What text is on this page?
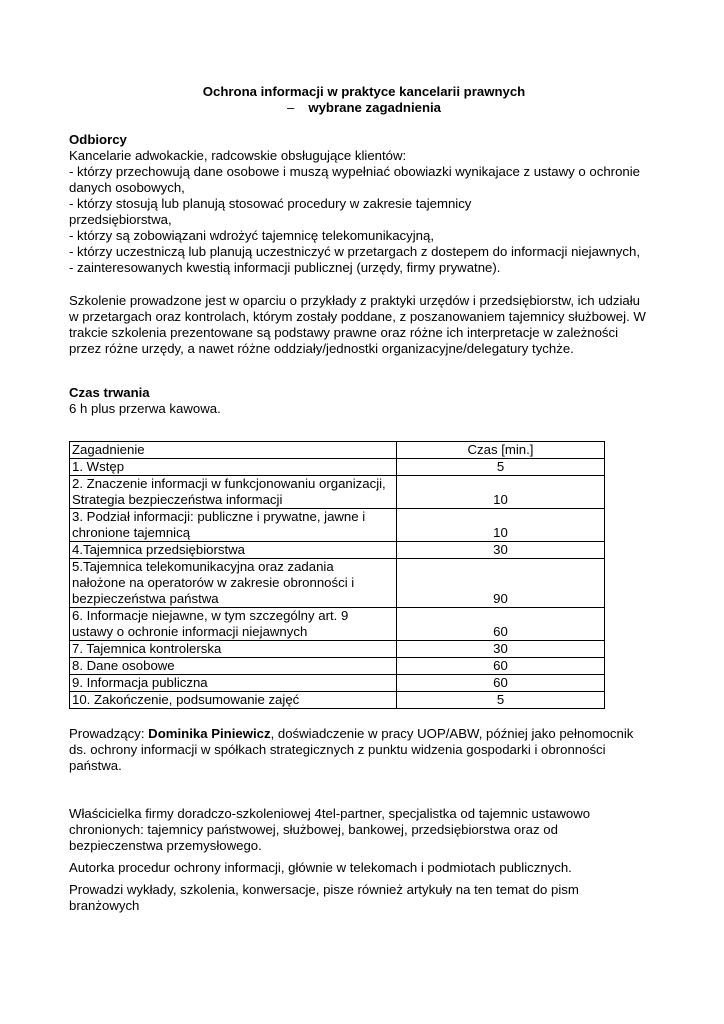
Ochrona informacji w praktyce kancelarii prawnych

– wybrane zagadnienia

Odbiorcy

Kancelarie adwokackie, radcowskie obsługujące klientów:
- którzy przechowują dane osobowe i muszą wypełniać obowiazki wynikajace z ustawy o ochronie
danych osobowych,
- którzy stosują lub planują stosować procedury w zakresie tajemnicy
przedsiębiorstwa,
- którzy są zobowiązani wdrożyć tajemnicę telekomunikacyjną,
- którzy uczestniczą lub planują uczestniczyć w przetargach z dostepem do informacji niejawnych,
- zainteresowanych kwestią informacji publicznej (urzędy, firmy prywatne).
Szkolenie prowadzone jest w oparciu o przykłady z praktyki urzędów i przedsiębiorstw, ich udziału
w przetargach oraz kontrolach, którym zostały poddane, z poszanowaniem tajemnicy służbowej. W
trakcie szkolenia prezentowane są podstawy prawne oraz różne ich interpretacje w zależności
przez różne urzędy, a nawet różne oddziały/jednostki organizacyjne/delegatury tychże.

Czas trwania

6 h plus przerwa kawowa.

Zagadnienie	Czas [min.]

1. Wstęp	5

2. Znaczenie informacji w funkcjonowaniu organizacji,
Strategia bezpieczeństwa informacji	10

3. Podział informacji: publiczne i prywatne, jawne i
chronione tajemnicą	10

4.Tajemnica przedsiębiorstwa	30

5.Tajemnica telekomunikacyjna oraz zadania
nałożone na operatorów w zakresie obronności i
bezpieczeństwa państwa	90

6. Informacje niejawne, w tym szczególny art. 9
ustawy o ochronie informacji niejawnych	60

7. Tajemnica kontrolerska	30

8. Dane osobowe	60

9. Informacja publiczna	60

10. Zakończenie, podsumowanie zajęć	5
Prowadzący: Dominika Piniewicz, doświadczenie w pracy UOP/ABW, później jako pełnomocnik
ds. ochrony informacji w spółkach strategicznych z punktu widzenia gospodarki i obronności
państwa.
Właścicielka firmy doradczo-szkoleniowej 4tel-partner, specjalistka od tajemnic ustawowo
chronionych: tajemnicy państwowej, służbowej, bankowej, przedsiębiorstwa oraz od
bezpieczenstwa przemysłowego.
Autorka procedur ochrony informacji, głównie w telekomach i podmiotach publicznych.
Prowadzi wykłady, szkolenia, konwersacje, pisze również artykuły na ten temat do pism
branżowych
